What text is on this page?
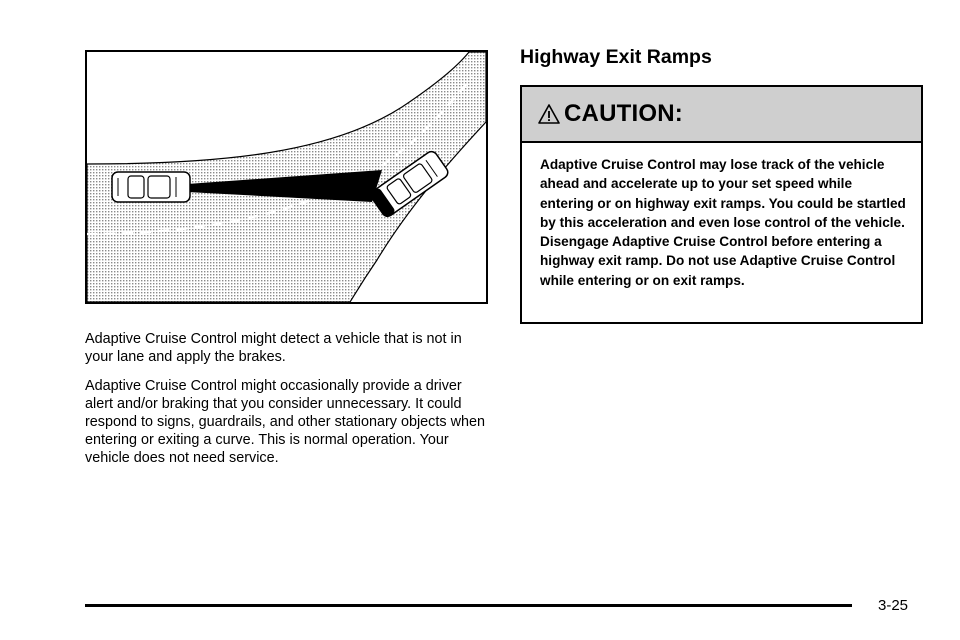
Adaptive Cruise Control might detect a vehicle that is not in your lane and apply the brakes.

Adaptive Cruise Control might occasionally provide a driver alert and/or braking that you consider unnecessary. It could respond to signs, guardrails, and other stationary objects when entering or exiting a curve. This is normal operation. Your vehicle does not need service.

Highway Exit Ramps
CAUTION:
Adaptive Cruise Control may lose track of the vehicle ahead and accelerate up to your set speed while entering or on highway exit ramps. You could be startled by this acceleration and even lose control of the vehicle. Disengage Adaptive Cruise Control before entering a highway exit ramp. Do not use Adaptive Cruise Control while entering or on exit ramps.
3-25
